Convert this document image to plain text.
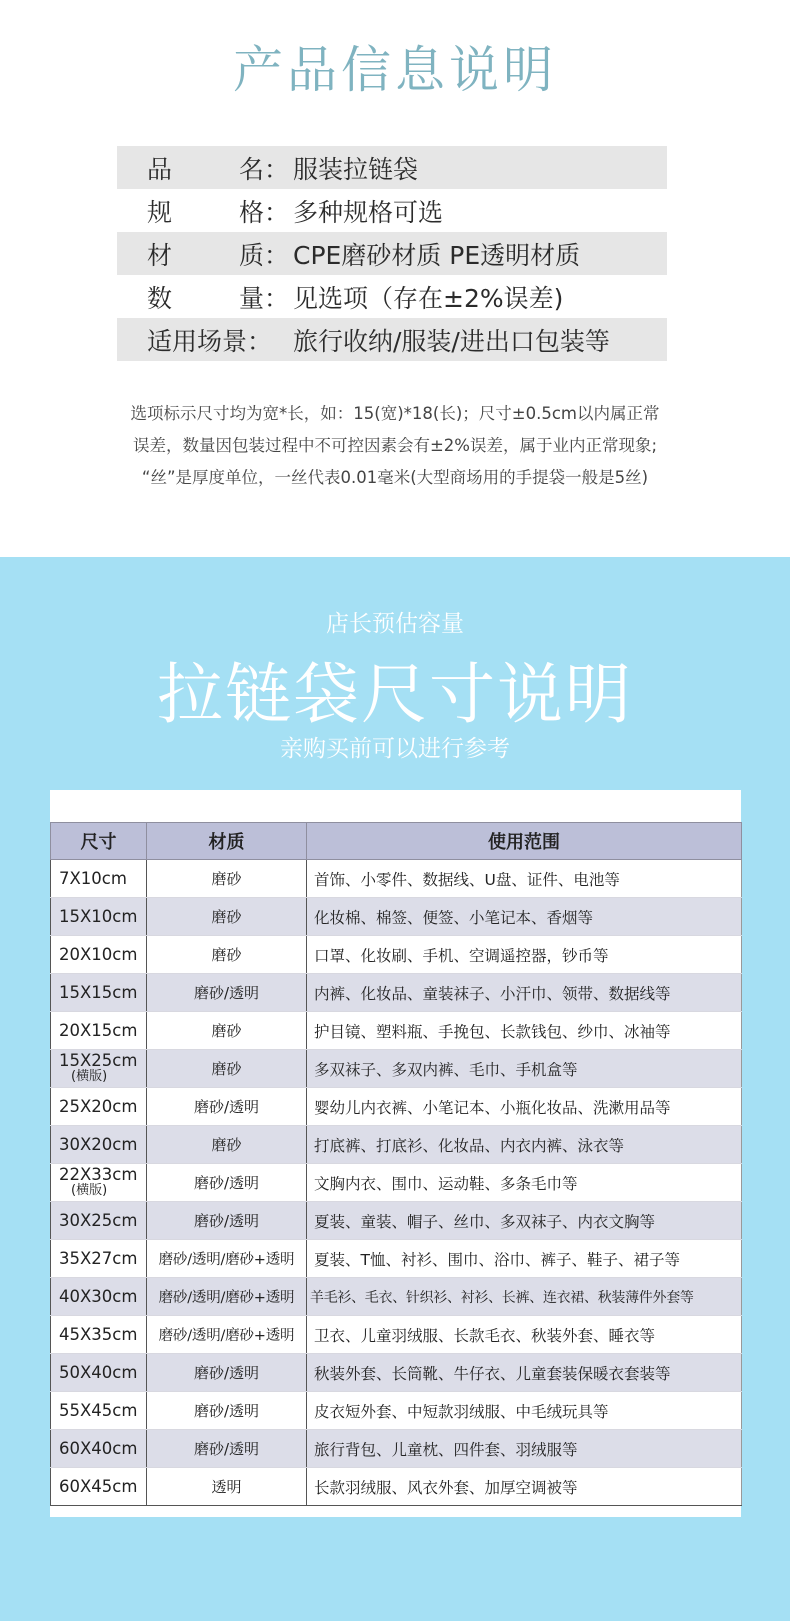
产品信息说明
品	名： 服装拉链袋
规	格： 多种规格可选
材	质： CPE磨砂材质 PE透明材质
数	量： 见选项（存在±2%误差)
适用场景 ： 旅行收纳/服装/进出口包装等
选项标示尺寸均为宽*长，如：15(宽)*18(长)；尺寸±0.5cm以内属正常
误差，数量因包装过程中不可控因素会有±2%误差，属于业内正常现象;
“丝”是厚度单位，一丝代表0.01毫米(大型商场用的手提袋一般是5丝)
店长预估容量
拉链袋尺寸说明
亲购买前可以进行参考
尺寸	材质	使用范围
7X10cm	磨砂	首饰、小零件、数据线、U盘、证件、电池等
15X10cm	磨砂	化妆棉、棉签、便签、小笔记本、香烟等
20X10cm	磨砂	口罩、化妆刷、手机、空调遥控器，钞币等
15X15cm	磨砂/透明	内裤、化妆品、童装袜子、小汗巾、领带、数据线等
20X15cm	磨砂	护目镜、塑料瓶、手挽包、长款钱包、纱巾、冰袖等
15X25cm
(横版)	磨砂	多双袜子、多双内裤、毛巾、手机盒等
25X20cm	磨砂/透明	婴幼儿内衣裤、小笔记本、小瓶化妆品、洗漱用品等
30X20cm	磨砂	打底裤、打底衫、化妆品、内衣内裤、泳衣等
22X33cm
(横版)	磨砂/透明	文胸内衣、围巾、运动鞋、多条毛巾等
30X25cm	磨砂/透明	夏装、童装、帽子、丝巾、多双袜子、内衣文胸等
35X27cm	磨砂/透明/磨砂+透明	夏装、T恤、衬衫、围巾、浴巾、裤子、鞋子、裙子等
40X30cm	磨砂/透明/磨砂+透明	羊毛衫、毛衣、针织衫、衬衫、长裤、连衣裙、秋装薄件外套等
45X35cm	磨砂/透明/磨砂+透明	卫衣、儿童羽绒服、长款毛衣、秋装外套、睡衣等
50X40cm	磨砂/透明	秋装外套、长筒靴、牛仔衣、儿童套装保暖衣套装等
55X45cm	磨砂/透明	皮衣短外套、中短款羽绒服、中毛绒玩具等
60X40cm	磨砂/透明	旅行背包、儿童枕、四件套、羽绒服等
60X45cm	透明	长款羽绒服、风衣外套、加厚空调被等
